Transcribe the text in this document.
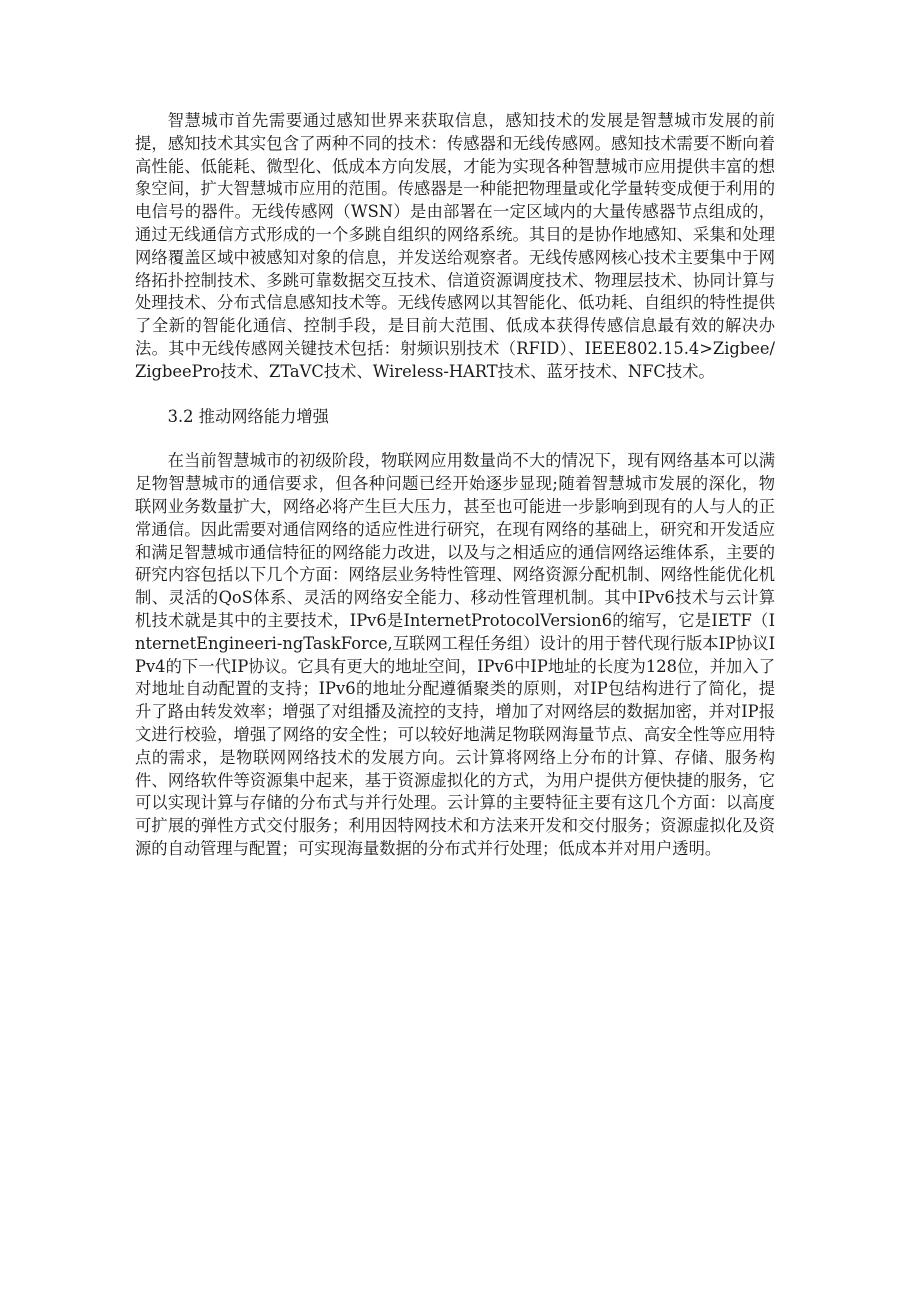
智慧城市首先需要通过感知世界来获取信息，感知技术的发展是智慧城市发展的前提，感知技术其实包含了两种不同的技术：传感器和无线传感网。感知技术需要不断向着高性能、低能耗、微型化、低成本方向发展，才能为实现各种智慧城市应用提供丰富的想象空间，扩大智慧城市应用的范围。传感器是一种能把物理量或化学量转变成便于利用的电信号的器件。无线传感网（WSN）是由部署在一定区域内的大量传感器节点组成的，通过无线通信方式形成的一个多跳自组织的网络系统。其目的是协作地感知、采集和处理网络覆盖区域中被感知对象的信息，并发送给观察者。无线传感网核心技术主要集中于网络拓扑控制技术、多跳可靠数据交互技术、信道资源调度技术、物理层技术、协同计算与处理技术、分布式信息感知技术等。无线传感网以其智能化、低功耗、自组织的特性提供了全新的智能化通信、控制手段，是目前大范围、低成本获得传感信息最有效的解决办法。其中无线传感网关键技术包括：射频识别技术（RFID）、IEEE802.15.4>Zigbee/ZigbeePro技术、ZTaVC技术、Wireless-HART技术、蓝牙技术、NFC技术。

3.2 推动网络能力增强

在当前智慧城市的初级阶段，物联网应用数量尚不大的情况下，现有网络基本可以满足物智慧城市的通信要求，但各种问题已经开始逐步显现;随着智慧城市发展的深化，物联网业务数量扩大，网络必将产生巨大压力，甚至也可能进一步影响到现有的人与人的正常通信。因此需要对通信网络的适应性进行研究，在现有网络的基础上，研究和开发适应和满足智慧城市通信特征的网络能力改进，以及与之相适应的通信网络运维体系，主要的研究内容包括以下几个方面：网络层业务特性管理、网络资源分配机制、网络性能优化机制、灵活的QoS体系、灵活的网络安全能力、移动性管理机制。其中IPv6技术与云计算机技术就是其中的主要技术，IPv6是InternetProtocolVersion6的缩写，它是IETF（InternetEngineeri-ngTaskForce,互联网工程任务组）设计的用于替代现行版本IP协议IPv4的下一代IP协议。它具有更大的地址空间，IPv6中IP地址的长度为128位，并加入了对地址自动配置的支持；IPv6的地址分配遵循聚类的原则，对IP包结构进行了简化，提升了路由转发效率；增强了对组播及流控的支持，增加了对网络层的数据加密，并对IP报文进行校验，增强了网络的安全性；可以较好地满足物联网海量节点、高安全性等应用特点的需求，是物联网网络技术的发展方向。云计算将网络上分布的计算、存储、服务构件、网络软件等资源集中起来，基于资源虚拟化的方式，为用户提供方便快捷的服务，它可以实现计算与存储的分布式与并行处理。云计算的主要特征主要有这几个方面：以高度可扩展的弹性方式交付服务；利用因特网技术和方法来开发和交付服务；资源虚拟化及资源的自动管理与配置；可实现海量数据的分布式并行处理；低成本并对用户透明。
